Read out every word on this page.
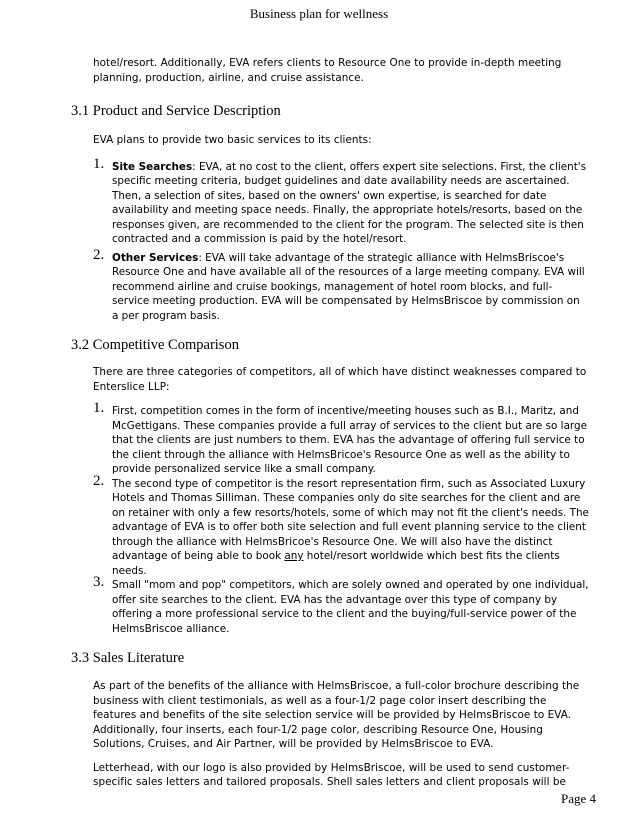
Business plan for wellness

hotel/resort. Additionally, EVA refers clients to Resource One to provide in-depth meeting planning, production, airline, and cruise assistance.

3.1 Product and Service Description

EVA plans to provide two basic services to its clients:

1. Site Searches: EVA, at no cost to the client, offers expert site selections. First, the client's specific meeting criteria, budget guidelines and date availability needs are ascertained. Then, a selection of sites, based on the owners' own expertise, is searched for date availability and meeting space needs. Finally, the appropriate hotels/resorts, based on the responses given, are recommended to the client for the program. The selected site is then contracted and a commission is paid by the hotel/resort.
2. Other Services: EVA will take advantage of the strategic alliance with HelmsBriscoe's Resource One and have available all of the resources of a large meeting company. EVA will recommend airline and cruise bookings, management of hotel room blocks, and full-service meeting production. EVA will be compensated by HelmsBriscoe by commission on a per program basis.
3.2 Competitive Comparison

There are three categories of competitors, all of which have distinct weaknesses compared to Enterslice LLP:

1. First, competition comes in the form of incentive/meeting houses such as B.I., Maritz, and McGettigans. These companies provide a full array of services to the client but are so large that the clients are just numbers to them. EVA has the advantage of offering full service to the client through the alliance with HelmsBricoe's Resource One as well as the ability to provide personalized service like a small company.
2. The second type of competitor is the resort representation firm, such as Associated Luxury Hotels and Thomas Silliman. These companies only do site searches for the client and are on retainer with only a few resorts/hotels, some of which may not fit the client's needs. The advantage of EVA is to offer both site selection and full event planning service to the client through the alliance with HelmsBricoe's Resource One. We will also have the distinct advantage of being able to book any hotel/resort worldwide which best fits the clients needs.
3. Small "mom and pop" competitors, which are solely owned and operated by one individual, offer site searches to the client. EVA has the advantage over this type of company by offering a more professional service to the client and the buying/full-service power of the HelmsBriscoe alliance.
3.3 Sales Literature

As part of the benefits of the alliance with HelmsBriscoe, a full-color brochure describing the business with client testimonials, as well as a four-1/2 page color insert describing the features and benefits of the site selection service will be provided by HelmsBriscoe to EVA. Additionally, four inserts, each four-1/2 page color, describing Resource One, Housing Solutions, Cruises, and Air Partner, will be provided by HelmsBriscoe to EVA.

Letterhead, with our logo is also provided by HelmsBriscoe, will be used to send customer-specific sales letters and tailored proposals. Shell sales letters and client proposals will be

Page 4
